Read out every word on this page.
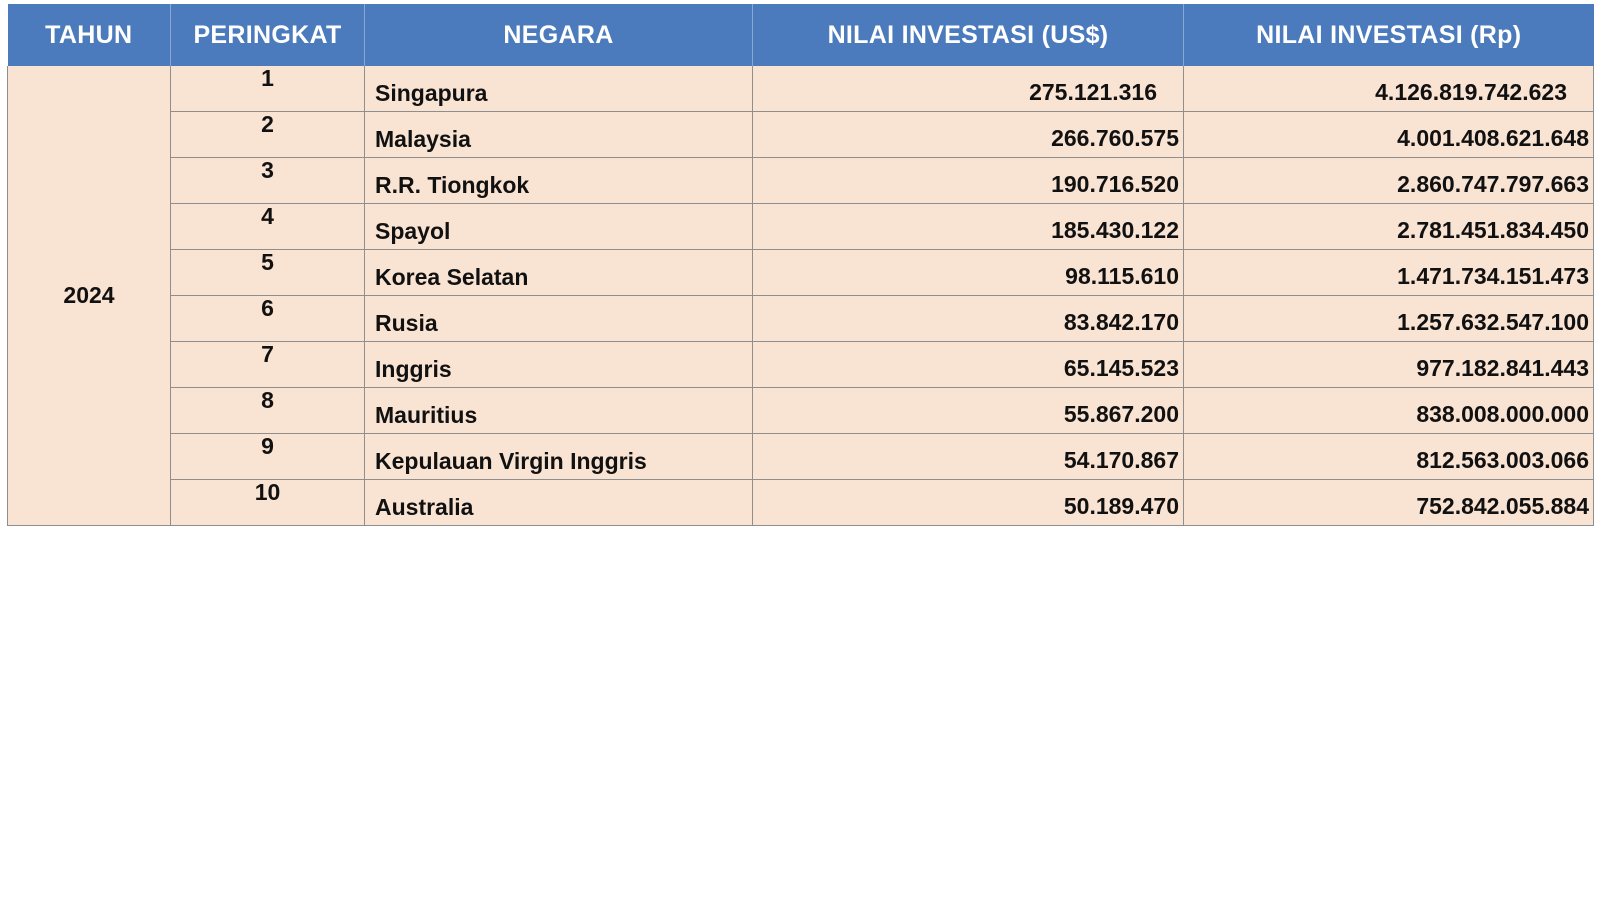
TAHUN	PERINGKAT	NEGARA	NILAI INVESTASI (US$)	NILAI INVESTASI (Rp)
2024	1	Singapura	275.121.316	4.126.819.742.623
	2	Malaysia	266.760.575	4.001.408.621.648
	3	R.R. Tiongkok	190.716.520	2.860.747.797.663
	4	Spayol	185.430.122	2.781.451.834.450
	5	Korea Selatan	98.115.610	1.471.734.151.473
	6	Rusia	83.842.170	1.257.632.547.100
	7	Inggris	65.145.523	977.182.841.443
	8	Mauritius	55.867.200	838.008.000.000
	9	Kepulauan Virgin Inggris	54.170.867	812.563.003.066
	10	Australia	50.189.470	752.842.055.884
